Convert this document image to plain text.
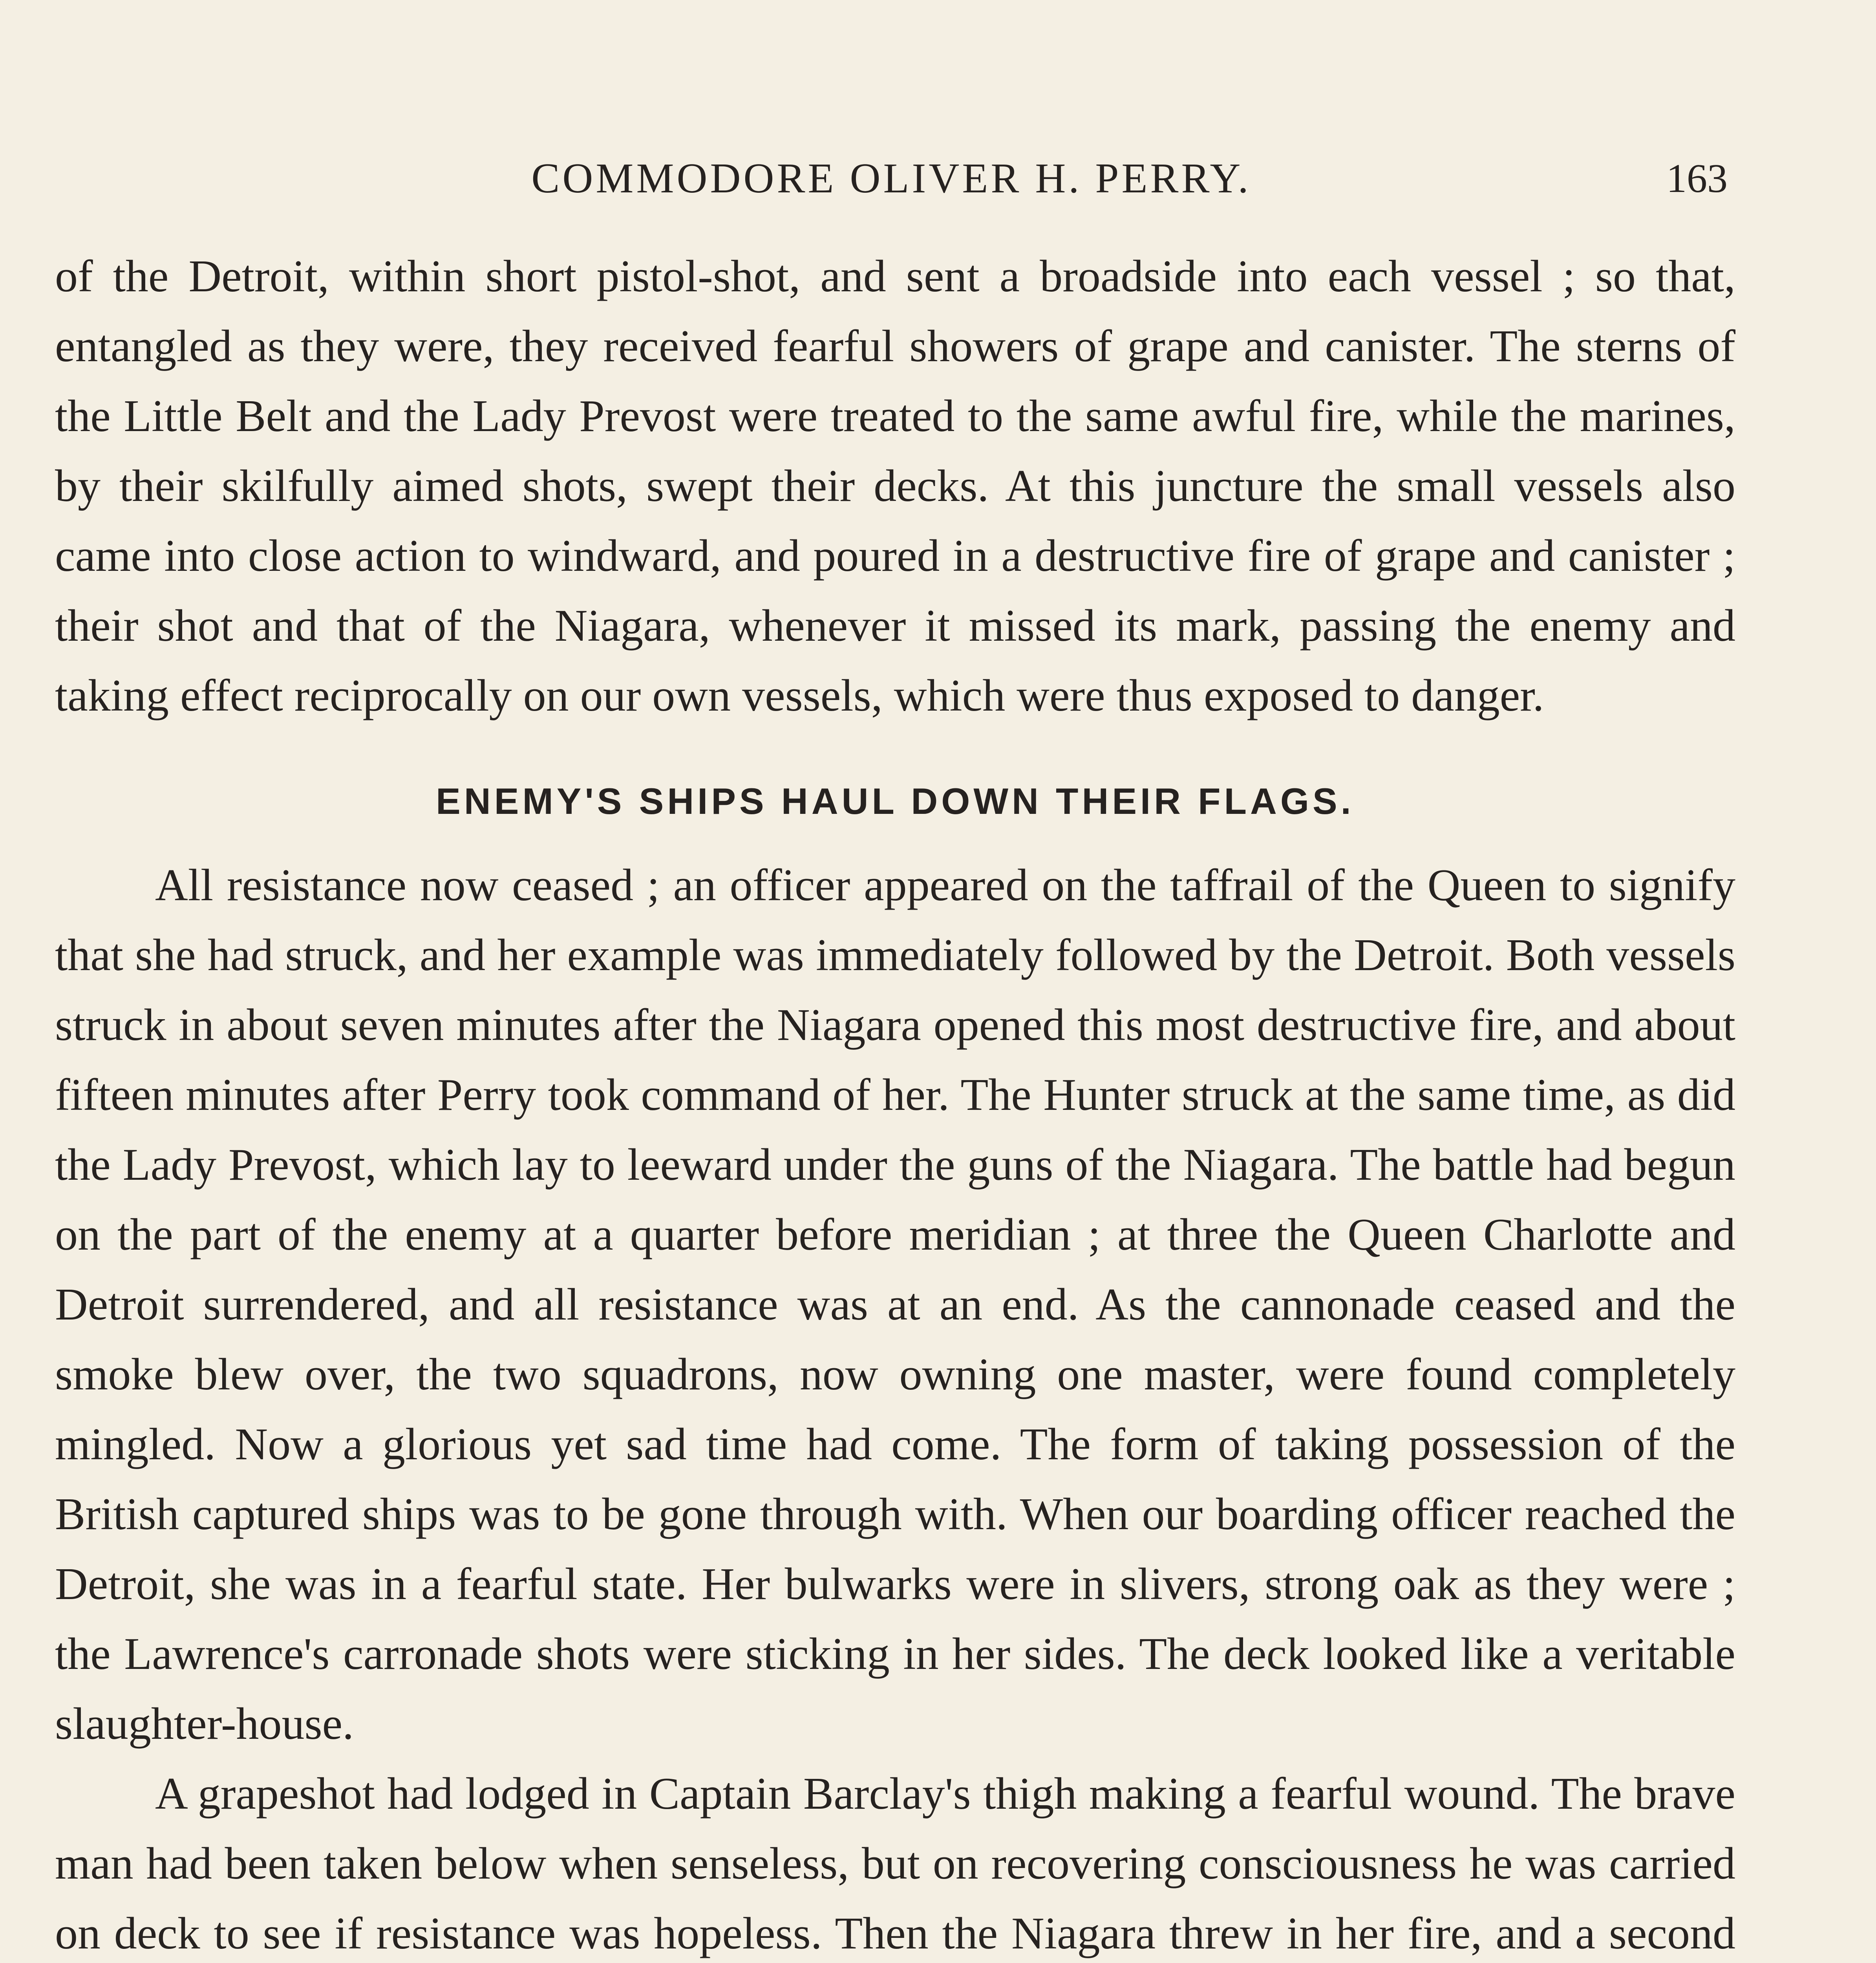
COMMODORE OLIVER H. PERRY.	163

of the Detroit, within short pistol-shot, and sent a broadside into each vessel ; so that, entangled as they were, they received fearful showers of grape and canister. The sterns of the Little Belt and the Lady Prevost were treated to the same awful fire, while the marines, by their skilfully aimed shots, swept their decks. At this juncture the small vessels also came into close action to windward, and poured in a destructive fire of grape and canister ; their shot and that of the Niagara, whenever it missed its mark, passing the enemy and taking effect reciprocally on our own vessels, which were thus exposed to danger.

ENEMY'S SHIPS HAUL DOWN THEIR FLAGS.

All resistance now ceased ; an officer appeared on the taffrail of the Queen to signify that she had struck, and her example was immediately followed by the Detroit. Both vessels struck in about seven minutes after the Niagara opened this most destructive fire, and about fifteen minutes after Perry took command of her. The Hunter struck at the same time, as did the Lady Prevost, which lay to leeward under the guns of the Niagara. The battle had begun on the part of the enemy at a quarter before meridian ; at three the Queen Charlotte and Detroit surrendered, and all resistance was at an end. As the cannonade ceased and the smoke blew over, the two squadrons, now owning one master, were found completely mingled. Now a glorious yet sad time had come. The form of taking possession of the British captured ships was to be gone through with. When our boarding officer reached the Detroit, she was in a fearful state. Her bulwarks were in slivers, strong oak as they were ; the Lawrence's carronade shots were sticking in her sides. The deck looked like a veritable slaughter-house.

A grapeshot had lodged in Captain Barclay's thigh making a fearful wound. The brave man had been taken below when senseless, but on recovering consciousness he was carried on deck to see if resistance was hopeless. Then the Niagara threw in her fire, and a second
